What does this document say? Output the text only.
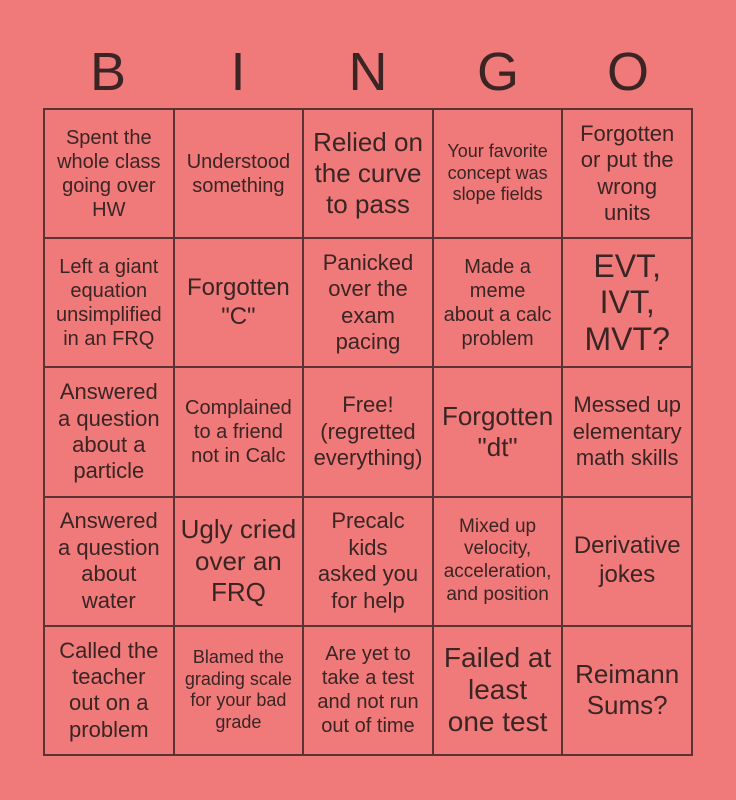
B	I	N	G	O
Spent the
whole class
going over
HW
Understood
something
Relied on
the curve
to pass
Your favorite
concept was
slope fields
Forgotten
or put the
wrong
units
Left a giant
equation
unsimplified
in an FRQ
Forgotten
"C"
Panicked
over the
exam
pacing
Made a
meme
about a calc
problem
EVT,
IVT,
MVT?
Answered
a question
about a
particle
Complained
to a friend
not in Calc
Free!
(regretted
everything)
Forgotten
"dt"
Messed up
elementary
math skills
Answered
a question
about
water
Ugly cried
over an
FRQ
Precalc
kids
asked you
for help
Mixed up
velocity,
acceleration,
and position
Derivative
jokes
Called the
teacher
out on a
problem
Blamed the
grading scale
for your bad
grade
Are yet to
take a test
and not run
out of time
Failed at
least
one test
Reimann
Sums?
